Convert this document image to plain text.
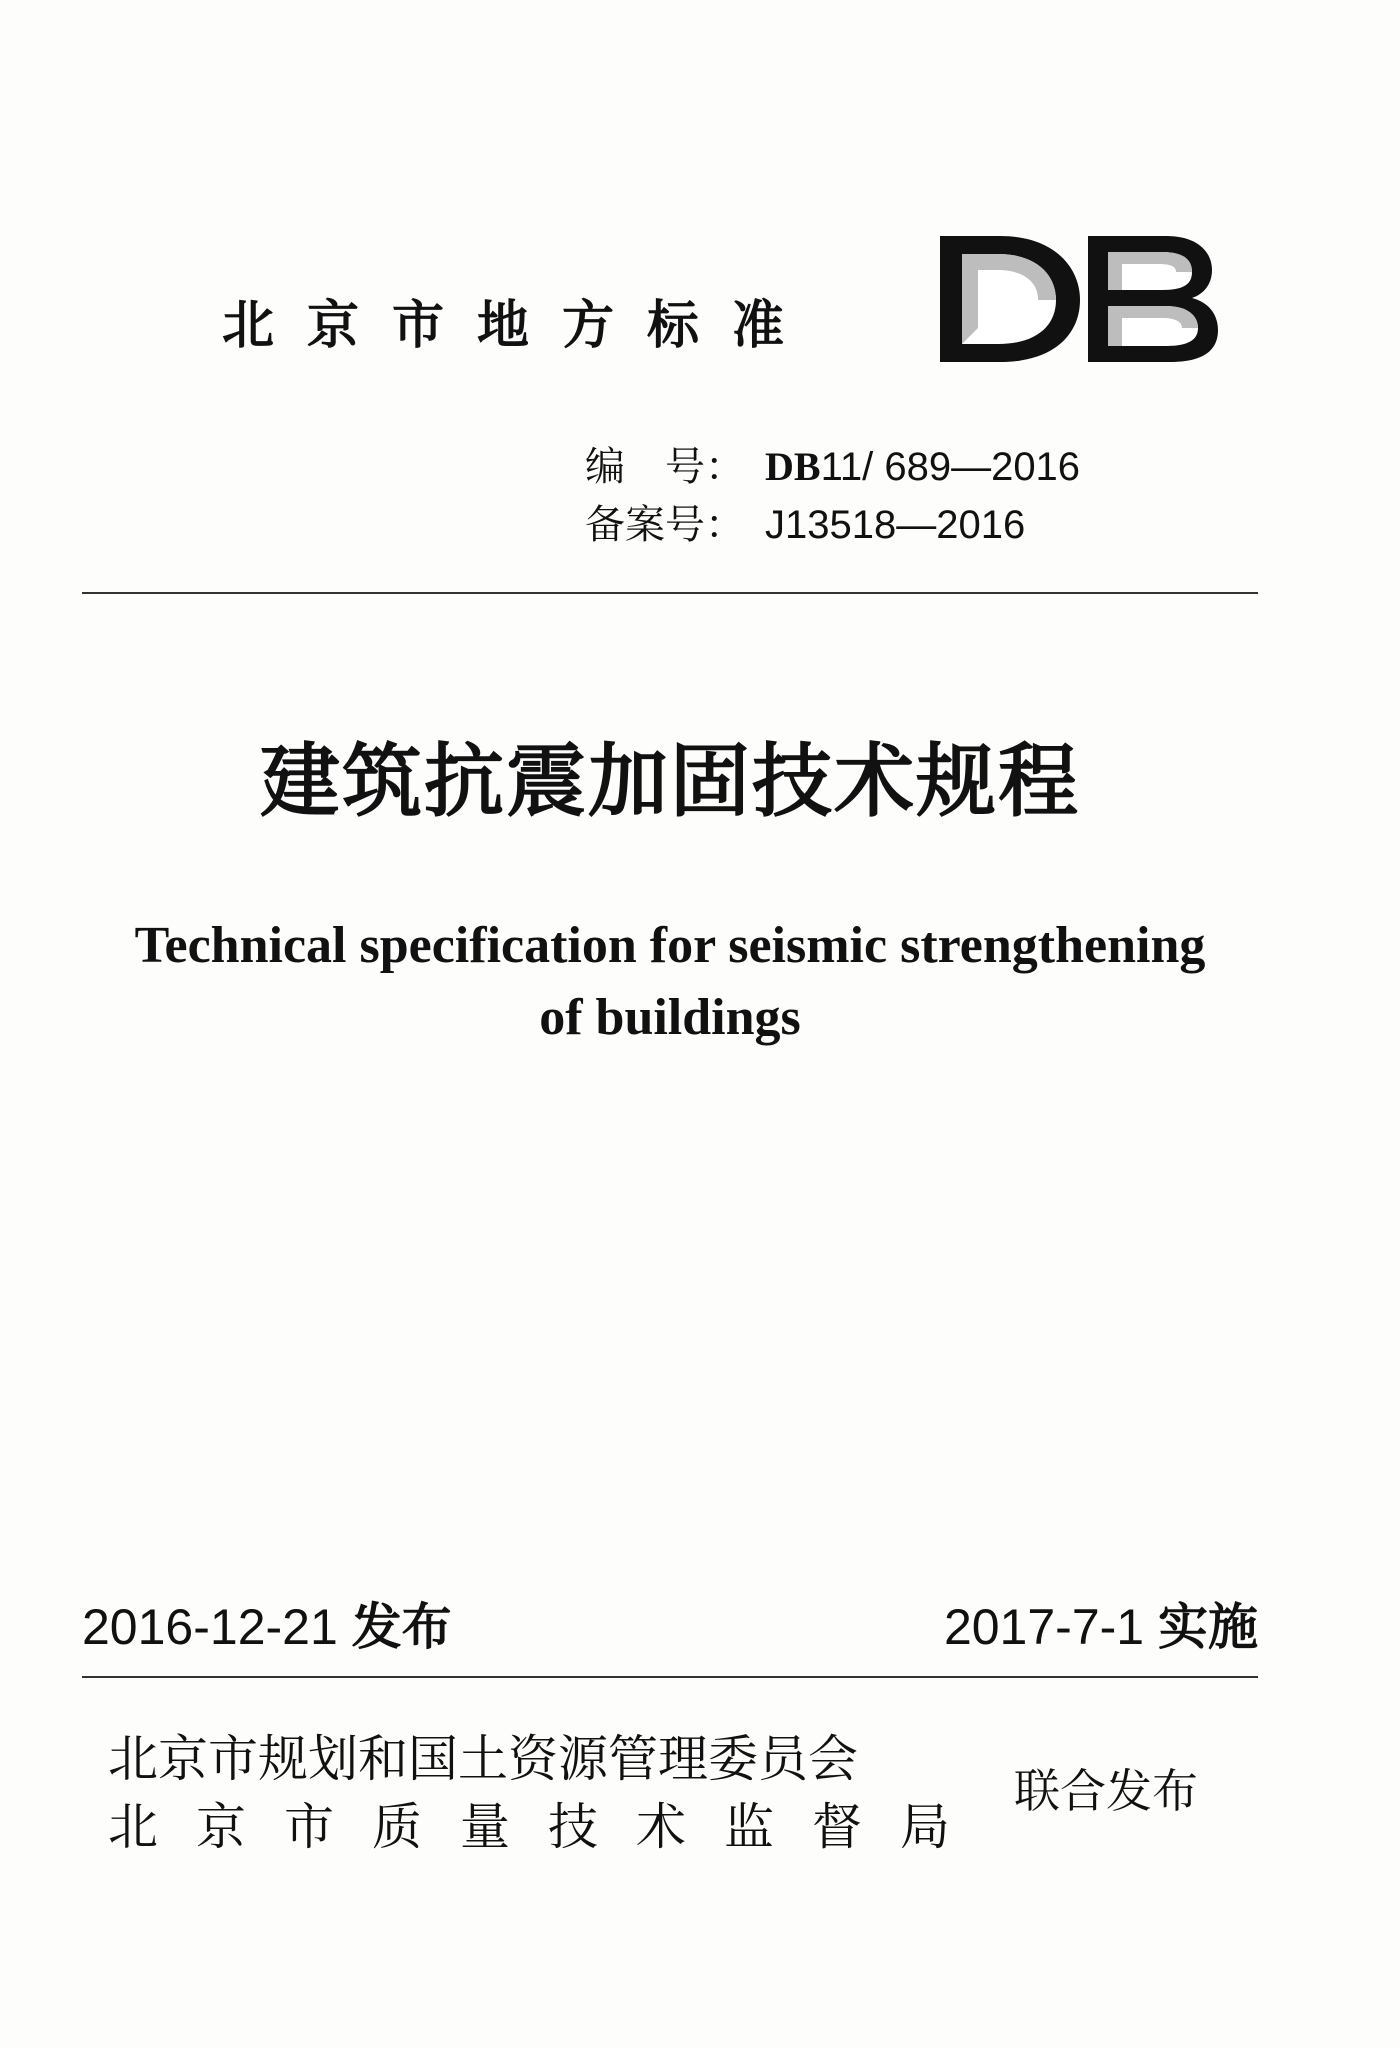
北京市地方标准
编　号： DB11/ 689—2016
备案号： J13518—2016
建筑抗震加固技术规程
Technical specification for seismic strengthening
of buildings
2016-12-21 发布	2017-7-1 实施
北京市规划和国土资源管理委员会
北京市质量技术监督局
联合发布
